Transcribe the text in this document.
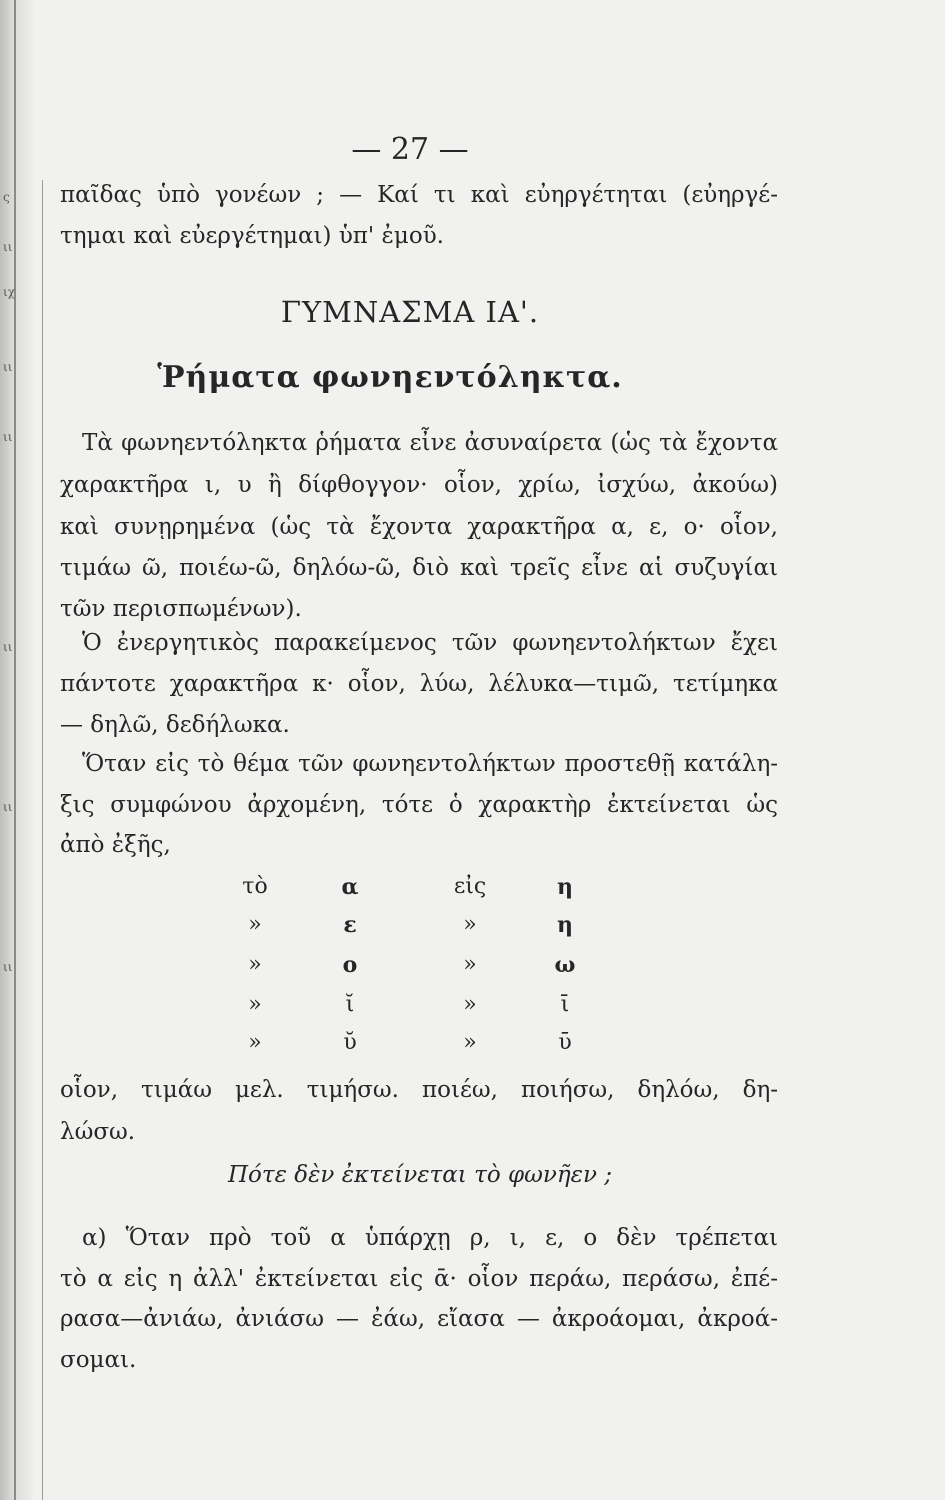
ς
ιι
ιχ
ιι
ιι
ιι
ιι
ιι
— 27 —
παῖδας ὑπὸ γονέων ; — Καί τι καὶ εὐηργέτηται (εὐηργέ-
τημαι καὶ εὐεργέτημαι) ὑπ' ἐμοῦ.
ΓΥΜΝΑΣΜΑ ΙΑ'.
Ῥήματα φωνηεντόληκτα.
Τὰ φωνηεντόληκτα ῥήματα εἶνε ἀσυναίρετα (ὡς τὰ ἔχοντα
χαρακτῆρα ι, υ ἢ δίφθογγον· οἷον, χρίω, ἰσχύω, ἀκούω)
καὶ συνῃρημένα (ὡς τὰ ἔχοντα χαρακτῆρα α, ε, ο· οἷον,
τιμάω ῶ, ποιέω-ῶ, δηλόω-ῶ, διὸ καὶ τρεῖς εἶνε αἱ συζυγίαι
τῶν περισπωμένων).
Ὁ ἐνεργητικὸς παρακείμενος τῶν φωνηεντολήκτων ἔχει
πάντοτε χαρακτῆρα κ· οἷον, λύω, λέλυκα—τιμῶ, τετίμηκα
— δηλῶ, δεδήλωκα.
Ὅταν εἰς τὸ θέμα τῶν φωνηεντολήκτων προστεθῇ κατάλη-
ξις συμφώνου ἀρχομένη, τότε ὁ χαρακτὴρ ἐκτείνεται ὡς
ἀπὸ ἐξῆς,
τὸ	α	εἰς	η
»	ε	»	η
»	ο	»	ω
»	ῐ	»	ῑ
»	ῠ	»	ῡ
οἷον, τιμάω μελ. τιμήσω. ποιέω, ποιήσω, δηλόω, δη-
λώσω.
Πότε δὲν ἐκτείνεται τὸ φωνῆεν ;
α) Ὅταν πρὸ τοῦ α ὑπάρχῃ ρ, ι, ε, ο δὲν τρέπεται
τὸ α εἰς η ἀλλ' ἐκτείνεται εἰς ᾱ· οἷον περάω, περάσω, ἐπέ-
ρασα—ἀνιάω, ἀνιάσω — ἐάω, εἴασα — ἀκροάομαι, ἀκροά-
σομαι.
